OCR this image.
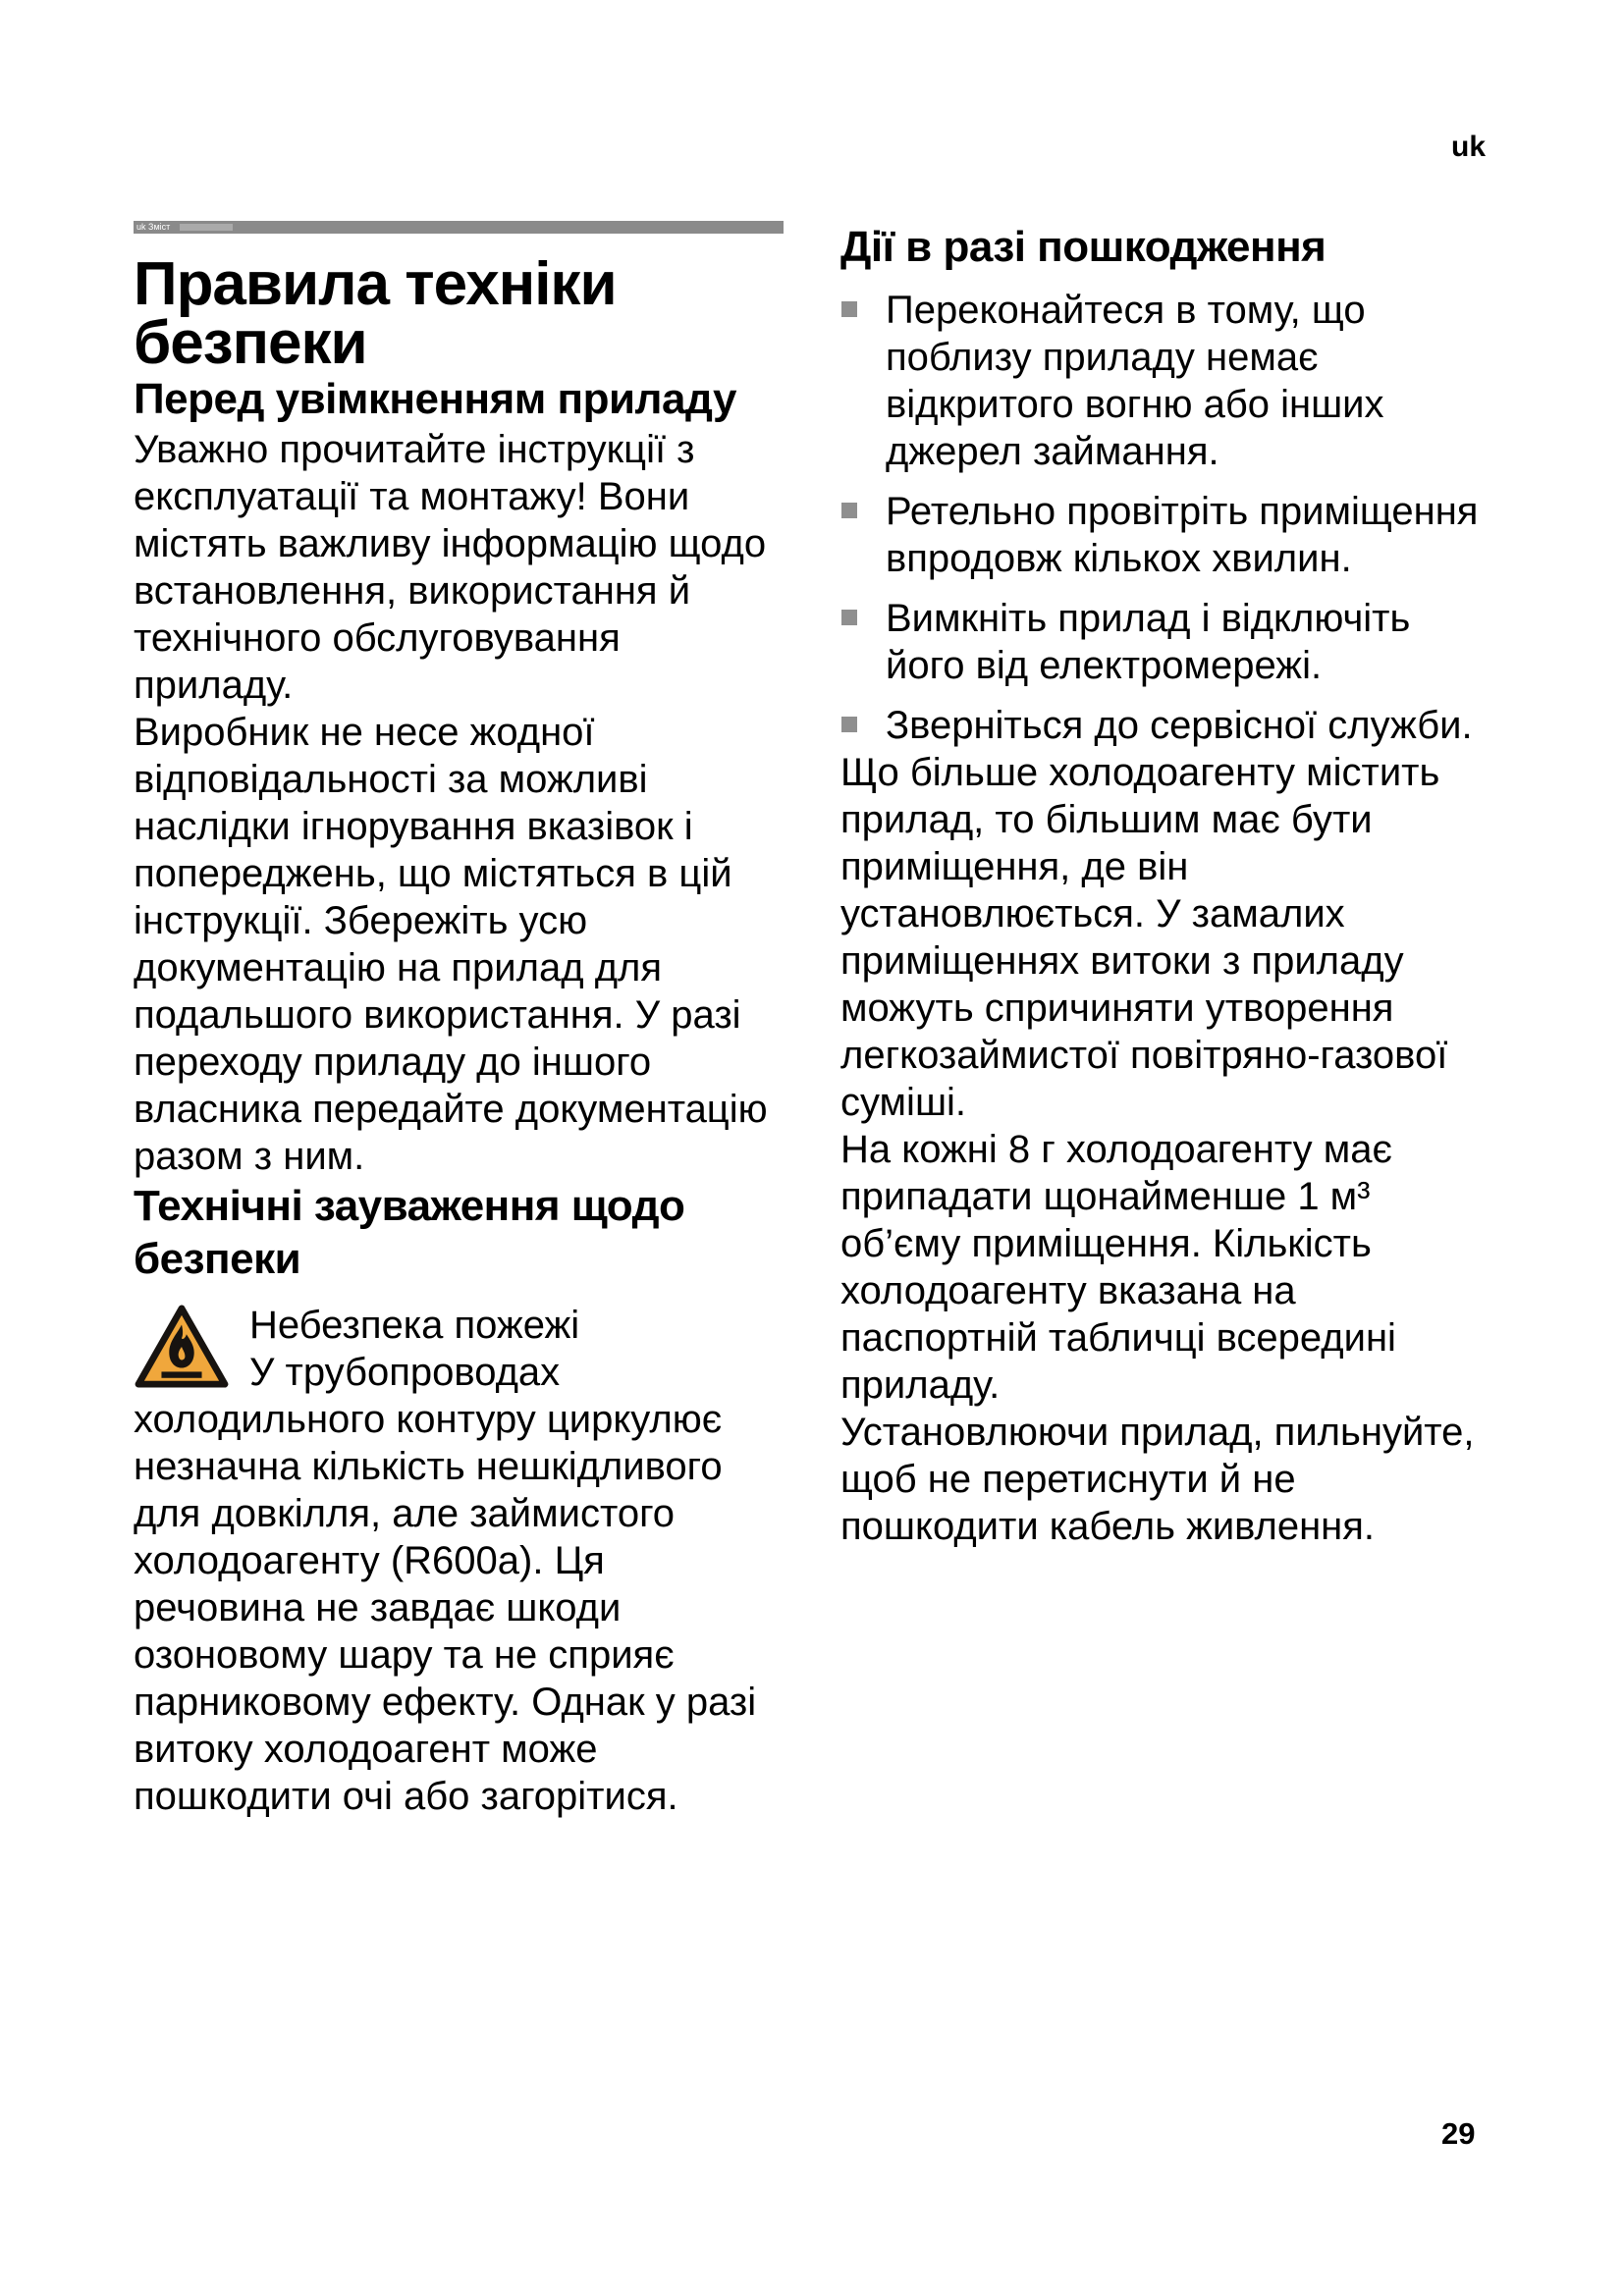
uk
uk Зміст
Правила техніки безпеки
Перед увімкненням приладу

Уважно прочитайте інструкції з експлуатації та монтажу! Вони містять важливу інформацію щодо встановлення, використання й технічного обслуговування приладу.

Виробник не несе жодної відповідальності за можливі наслідки ігнорування вказівок і попереджень, що містяться в цій інструкції. Збережіть усю документацію на прилад для подальшого використання. У разі переходу приладу до іншого власника передайте документацію разом з ним.

Технічні зауваження щодо безпеки
Небезпека пожежі
У трубопроводах холодильного контуру циркулює незначна кількість нешкідливого для довкілля, але займистого холодоагенту (R600a). Ця речовина не завдає шкоди озоновому шару та не сприяє парниковому ефекту. Однак у разі витоку холодоагент може пошкодити очі або загорітися.
Дії в разі пошкодження
Переконайтеся в тому, що поблизу приладу немає відкритого вогню або інших джерел займання.
Ретельно провітріть приміщення впродовж кількох хвилин.
Вимкніть прилад і відключіть його від електромережі.
Зверніться до сервісної служби.

Що більше холодоагенту містить прилад, то більшим має бути приміщення, де він установлюється. У замалих приміщеннях витоки з приладу можуть спричиняти утворення легкозаймистої повітряно-газової суміші.

На кожні 8 г холодоагенту має припадати щонайменше 1 м³ об’єму приміщення. Кількість холодоагенту вказана на паспортній табличці всередині приладу.

Установлюючи прилад, пильнуйте, щоб не перетиснути й не пошкодити кабель живлення.

29
